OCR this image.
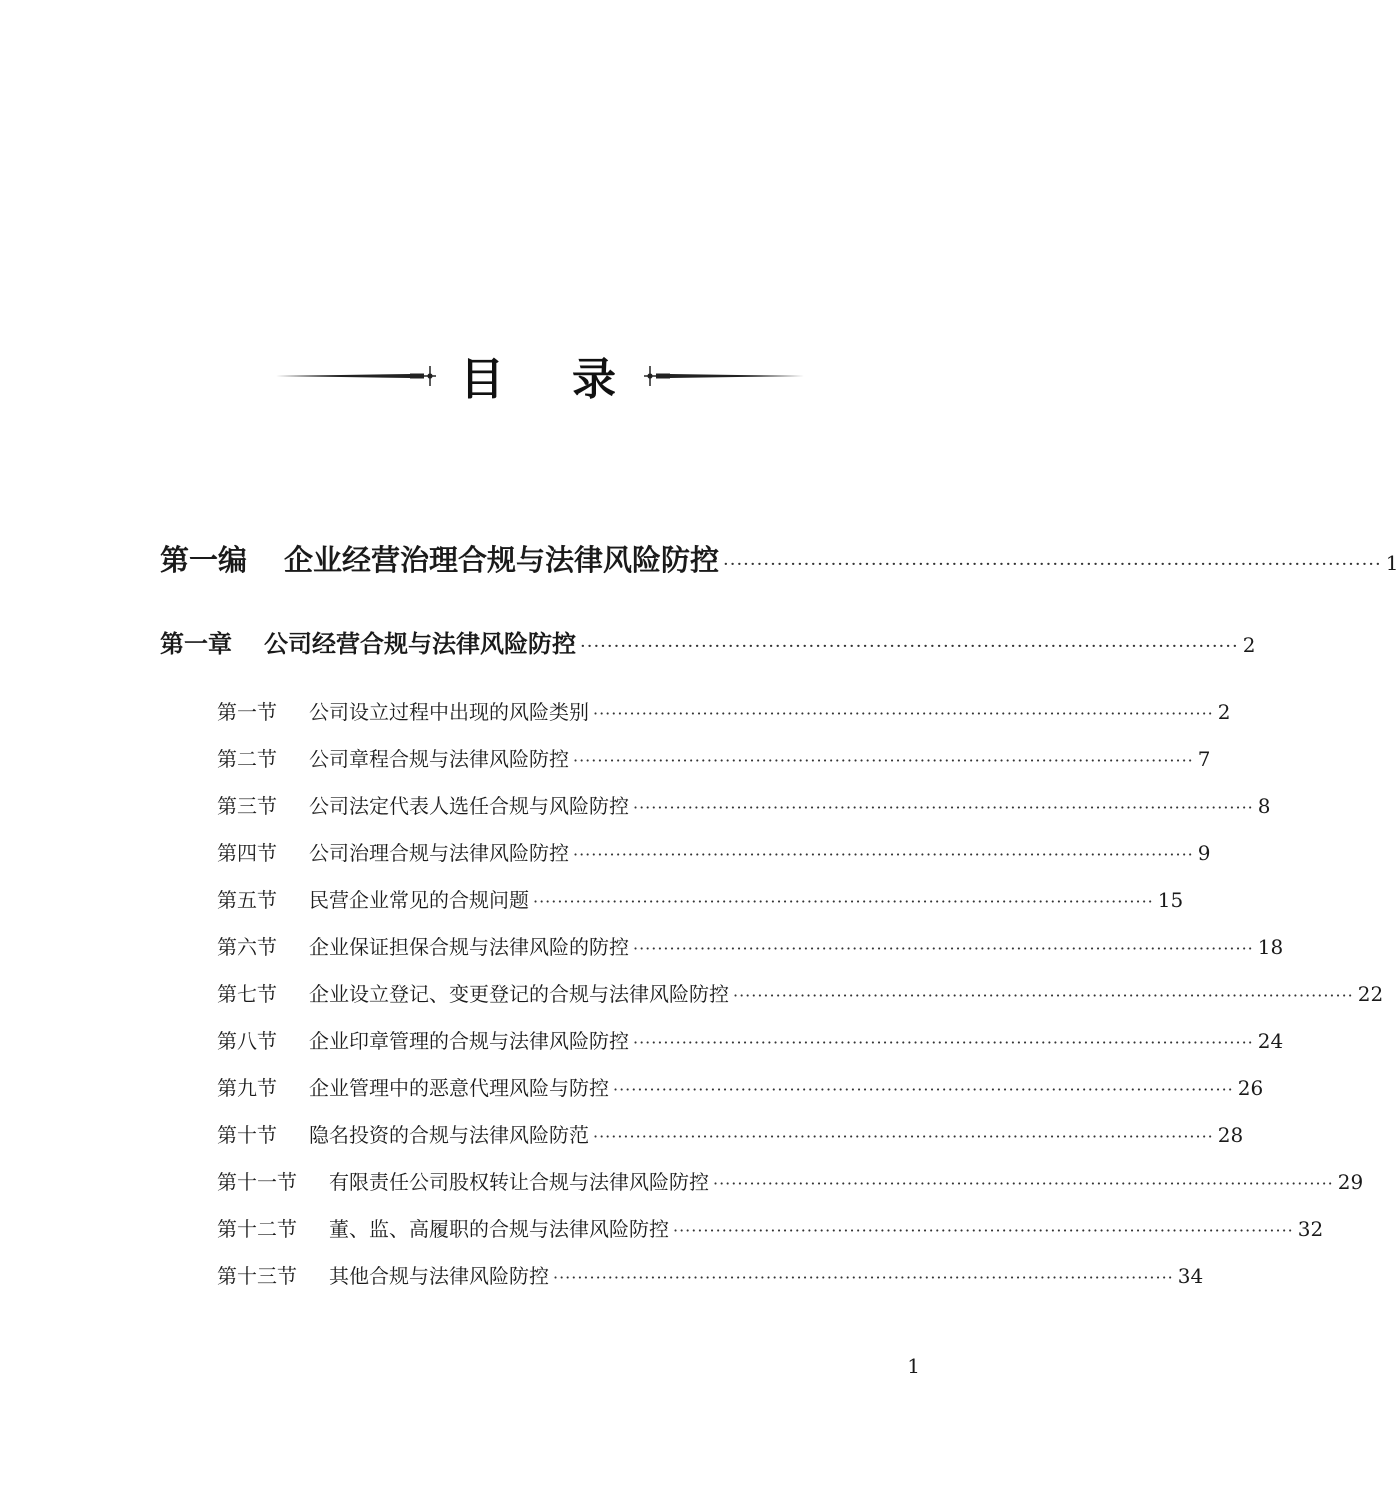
目 录
第一编	企业经营治理合规与法律风险防控 ·································································································· 1
第一章	公司经营合规与法律风险防控 ·································································································· 2
第一节	公司设立过程中出现的风险类别 ······································································································ 2
第二节	公司章程合规与法律风险防控 ······································································································ 7
第三节	公司法定代表人选任合规与风险防控 ······································································································ 8
第四节	公司治理合规与法律风险防控 ······································································································ 9
第五节	民营企业常见的合规问题 ······································································································ 15
第六节	企业保证担保合规与法律风险的防控 ······································································································ 18
第七节	企业设立登记、变更登记的合规与法律风险防控 ······································································································ 22
第八节	企业印章管理的合规与法律风险防控 ······································································································ 24
第九节	企业管理中的恶意代理风险与防控 ······································································································ 26
第十节	隐名投资的合规与法律风险防范 ······································································································ 28
第十一节	有限责任公司股权转让合规与法律风险防控 ······································································································ 29
第十二节	董、监、高履职的合规与法律风险防控 ······································································································ 32
第十三节	其他合规与法律风险防控 ······································································································ 34
1
